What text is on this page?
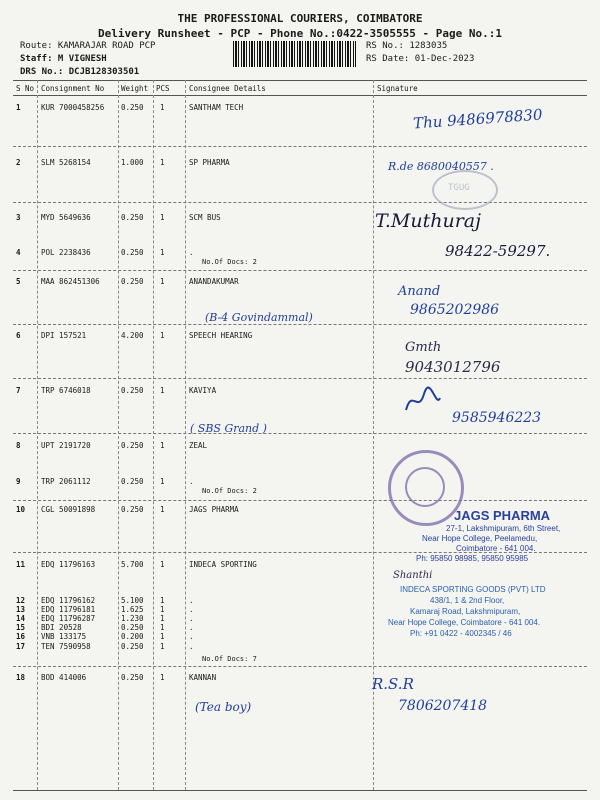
THE PROFESSIONAL COURIERS, COIMBATORE
Delivery Runsheet - PCP - Phone No.:0422-3505555 - Page No.:1
Route: KAMARAJAR ROAD PCP
Staff: M VIGNESH
DRS No.: DCJB128303501
RS No.: 1283035
RS Date: 01-Dec-2023
S No Consignment No Weight PCS	Consignee Details	Signature
1	KUR 7000458256 0.250 1	SANTHAM TECH
2	SLM 5268154	1.000 1	SP PHARMA
3	MYD 5649636	0.250 1	SCM BUS
4	POL 2238436	0.250 1	.
5	MAA 862451306	0.250 1	ANANDAKUMAR
6	DPI 157521	4.200 1	SPEECH HEARING
7	TRP 6746018	0.250 1	KAVIYA
8	UPT 2191720	0.250 1	ZEAL
9	TRP 2061112	0.250 1	.
10 CGL 50091898	0.250 1	JAGS PHARMA
11 EDQ 11796163	5.700 1	INDECA SPORTING
12 EDQ 11796162	5.100 1	.
13 EDQ 11796181	1.625 1	.
14 EDQ 11796287	1.230 1	.
15 BDI 20528	0.250 1	.
16 VNB 133175	0.200 1	.
17 TEN 7590958	0.250 1	.
18 BOD 414006	0.250 1	KANNAN
No.Of Docs: 2
No.Of Docs: 2
No.Of Docs: 7
Thu 9486978830
R.de 8680040557 .
TGUG
T.Muthuraj
98422-59297.
Anand
9865202986
(B-4 Govindammal)
Gmth
9043012796
9585946223
( SBS Grand )
JAGS PHARMA
27-1, Lakshmipuram, 6th Street,
Near Hope College, Peelamedu,
Coimbatore - 641 004.
Ph: 95850 98985, 95850 95985
Shanthi
INDECA SPORTING GOODS (PVT) LTD
438/1, 1 & 2nd Floor,
Kamaraj Road, Lakshmipuram,
Near Hope College, Coimbatore - 641 004.
Ph: +91 0422 - 4002345 / 46
R.S.R
7806207418
(Tea boy)
